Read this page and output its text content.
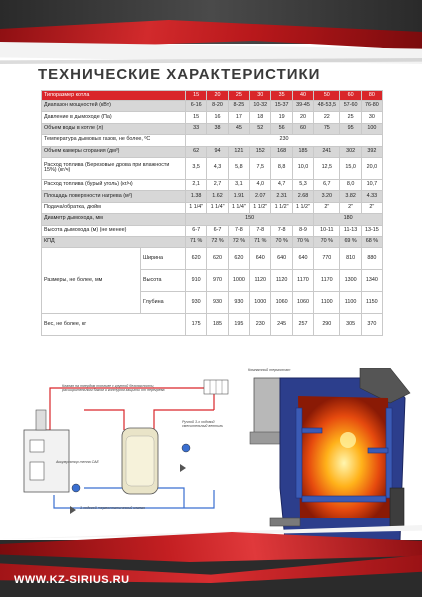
ТЕХНИЧЕСКИЕ ХАРАКТЕРИСТИКИ
Типоразмер котла		15	20	25	30	35	40	50	60	80
Диапазон мощностей (кВт)		6-16	8-20	8-25	10-32	15-37	39-45	48-53,5	57-60	76-80
Давление в дымоходе (Па)		15	16	17	18	19	20	22	25	30
Объем воды в котле (л)		33	38	45	52	56	60	75	95	100
Температура дымовых газов, не более, ºC		230								
Объем камеры сгорания (дм³)		62	94	121	152	168	185	241	302	392
Расход топлива (Березовые дрова при влажности 15%) (кг/ч)		3,5	4,3	5,8	7,5	8,8	10,0	12,5	15,0	20,0
Расход топлива (бурый уголь) (кг/ч)		2,1	2,7	3,1	4,0	4,7	5,3	6,7	8,0	10,7
Площадь поверхности нагрева (м²)		1.38	1.62	1.91	2.07	2.31	2.68	3.20	3.82	4.33
Подача/обратка, дюйм		1 1/4"	1 1/4"	1 1/4"	1 1/2"	1 1/2"	1 1/2"	2"	2"	2"
Диаметр дымохода, мм		150						180		
Высота дымохода (м) (не менее)		6-7	6-7	7-8	7-8	7-8	8-9	10-11	11-13	13-15
КПД		71 %	72 %	72 %	71 %	70 %	70 %	70 %	69 %	68 %
Размеры, не более, мм	Ширина	620	620	620	640	640	640	770	810	880
	Высота	910	970	1000	1120	1120	1170	1170	1300	1340
	Глубина	930	930	930	1000	1060	1060	1100	1100	1150
Вес, не более, кг		175	185	195	230	245	257	290	305	370
Комнатный термостат
Клапан на твердом топливе с группой безопасности, расширительным баком и контуром защиты от перегрева
Ручной 3-х ходовой смесительный вентиль
Аккумулятор тепла САЕ
3-ходовой термостатический клапан
WWW.KZ-SIRIUS.RU
